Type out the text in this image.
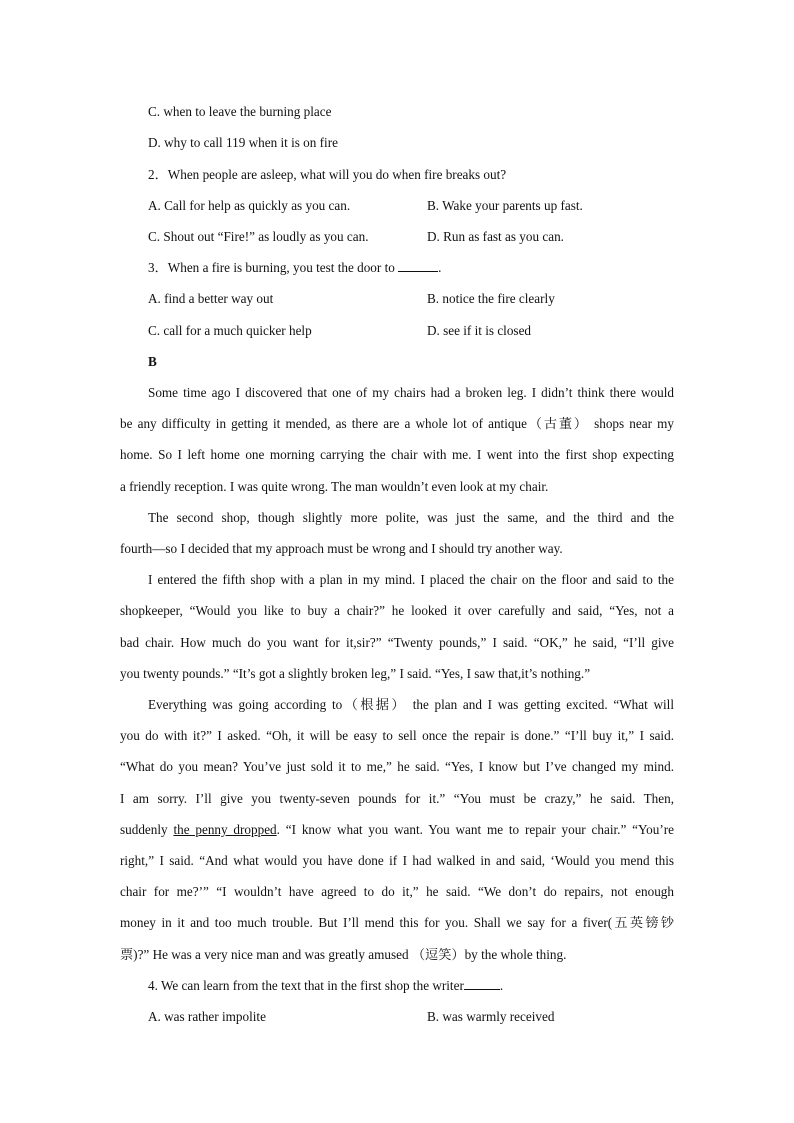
C. when to leave the burning place
D. why to call 119 when it is on fire
2．When people are asleep, what will you do when fire breaks out?
A. Call for help as quickly as you can.	B. Wake your parents up fast.
C. Shout out “Fire!” as loudly as you can.	D. Run as fast as you can.
3．When a fire is burning, you test the door to	.
A. find a better way out	B. notice the fire clearly
C. call for a much quicker help	D. see if it is closed
B
Some time ago I discovered that one of my chairs had a broken leg. I didn’t think there would
be any difficulty in getting it mended, as there are a whole lot of antique（古董） shops near my
home. So I left home one morning carrying the chair with me. I went into the first shop expecting
a friendly reception. I was quite wrong. The man wouldn’t even look at my chair.
The second shop, though slightly more polite, was just the same, and the third and the
fourth—so I decided that my approach must be wrong and I should try another way.
I entered the fifth shop with a plan in my mind. I placed the chair on the floor and said to the
shopkeeper, “Would you like to buy a chair?” he looked it over carefully and said, “Yes, not a
bad chair. How much do you want for it,sir?” “Twenty pounds,” I said. “OK,” he said, “I’ll give
you twenty pounds.” “It’s got a slightly broken leg,” I said. “Yes, I saw that,it’s nothing.”
Everything was going according to（根据） the plan and I was getting excited. “What will
you do with it?” I asked. “Oh, it will be easy to sell once the repair is done.” “I’ll buy it,” I said.
“What do you mean? You’ve just sold it to me,” he said. “Yes, I know but I’ve changed my mind.
I am sorry. I’ll give you twenty-seven pounds for it.” “You must be crazy,” he said. Then,
suddenly the penny dropped. “I know what you want. You want me to repair your chair.” “You’re
right,” I said. “And what would you have done if I had walked in and said, ‘Would you mend this
chair for me?’” “I wouldn’t have agreed to do it,” he said. “We don’t do repairs, not enough
money in it and too much trouble. But I’ll mend this for you. Shall we say for a fiver(五英镑钞
票)?” He was a very nice man and was greatly amused （逗笑）by the whole thing.
4. We can learn from the text that in the first shop the writer	.
A. was rather impolite	B. was warmly received
